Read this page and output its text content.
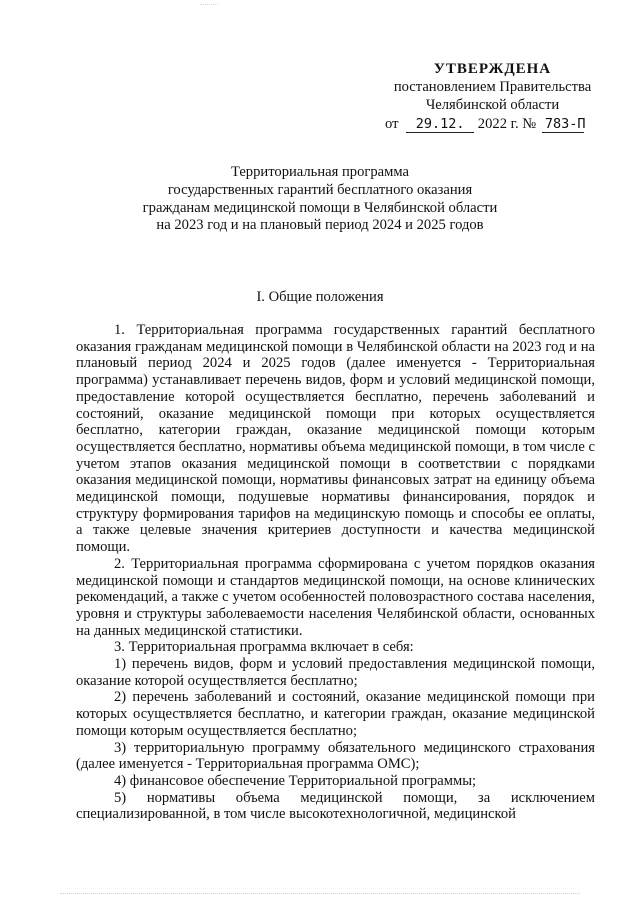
УТВЕРЖДЕНА
постановлением Правительства
Челябинской области
от 29.12. 2022 г. № 783-П
Территориальная программа
государственных гарантий бесплатного оказания
гражданам медицинской помощи в Челябинской области
на 2023 год и на плановый период 2024 и 2025 годов
I. Общие положения

1. Территориальная программа государственных гарантий бесплатного оказания гражданам медицинской помощи в Челябинской области на 2023 год и на плановый период 2024 и 2025 годов (далее именуется - Территориальная программа) устанавливает перечень видов, форм и условий медицинской помощи, предоставление которой осуществляется бесплатно, перечень заболеваний и состояний, оказание медицинской помощи при которых осуществляется бесплатно, категории граждан, оказание медицинской помощи которым осуществляется бесплатно, нормативы объема медицинской помощи, в том числе с учетом этапов оказания медицинской помощи в соответствии с порядками оказания медицинской помощи, нормативы финансовых затрат на единицу объема медицинской помощи, подушевые нормативы финансирования, порядок и структуру формирования тарифов на медицинскую помощь и способы ее оплаты, а также целевые значения критериев доступности и качества медицинской помощи.

2. Территориальная программа сформирована с учетом порядков оказания медицинской помощи и стандартов медицинской помощи, на основе клинических рекомендаций, а также с учетом особенностей половозрастного состава населения, уровня и структуры заболеваемости населения Челябинской области, основанных на данных медицинской статистики.

3. Территориальная программа включает в себя:

1) перечень видов, форм и условий предоставления медицинской помощи, оказание которой осуществляется бесплатно;

2) перечень заболеваний и состояний, оказание медицинской помощи при которых осуществляется бесплатно, и категории граждан, оказание медицинской помощи которым осуществляется бесплатно;

3) территориальную программу обязательного медицинского страхования (далее именуется - Территориальная программа ОМС);

4) финансовое обеспечение Территориальной программы;

5) нормативы объема медицинской помощи, за исключением специализированной, в том числе высокотехнологичной, медицинской
